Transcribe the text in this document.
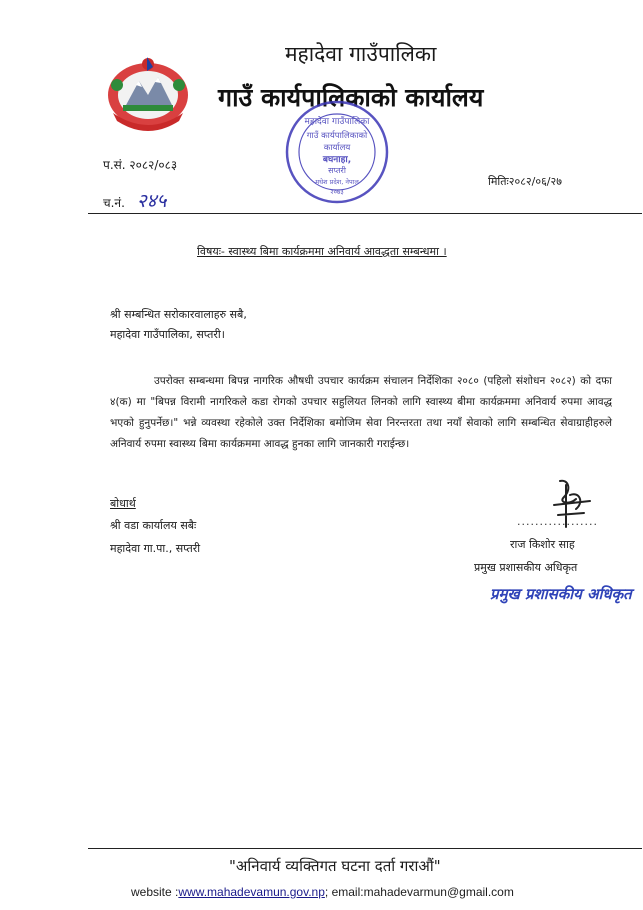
महादेवा गाउँपालिका
गाउँ कार्यपालिकाको कार्यालय
महादेवा गाउँपालिका
गाउँ कार्यपालिकाको
कार्यालय
बघनाहा,
सप्तरी
मधेश प्रदेश, नेपाल
२०७३
प.सं. २०८२/०८३
च.नं. २४५
मितिः२०८२/०६/२७
विषयः- स्वास्थ्य बिमा कार्यक्रममा अनिवार्य आवद्धता सम्बन्धमा ।
श्री सम्बन्धित सरोकारवालाहरु सबै,
महादेवा गाउँपालिका, सप्तरी।

उपरोक्त सम्बन्धमा बिपन्न नागरिक औषधी उपचार कार्यक्रम संचालन निर्देशिका २०८० (पहिलो संशोधन २०८२) को दफा ४(क) मा "बिपन्न विरामी नागरिकले कडा रोगको उपचार सहुलियत लिनको लागि स्वास्थ्य बीमा कार्यक्रममा अनिवार्य रुपमा आवद्ध भएको हुनुपर्नेछ।" भन्ने व्यवस्था रहेकोले उक्त निर्देशिका बमोजिम सेवा निरन्तरता तथा नयाँ सेवाको लागि सम्बन्धित सेवाग्राहीहरुले अनिवार्य रुपमा स्वास्थ्य बिमा कार्यक्रममा आवद्ध हुनका लागि जानकारी गराईन्छ।

बोधार्थ
श्री वडा कार्यालय सबैः
महादेवा गा.पा., सप्तरी
..................
राज किशोर साह
प्रमुख प्रशासकीय अधिकृत
प्रमुख प्रशासकीय अधिकृत
"अनिवार्य व्यक्तिगत घटना दर्ता गराऔं"
website :www.mahadevamun.gov.np; email:mahadevarmun@gmail.com
